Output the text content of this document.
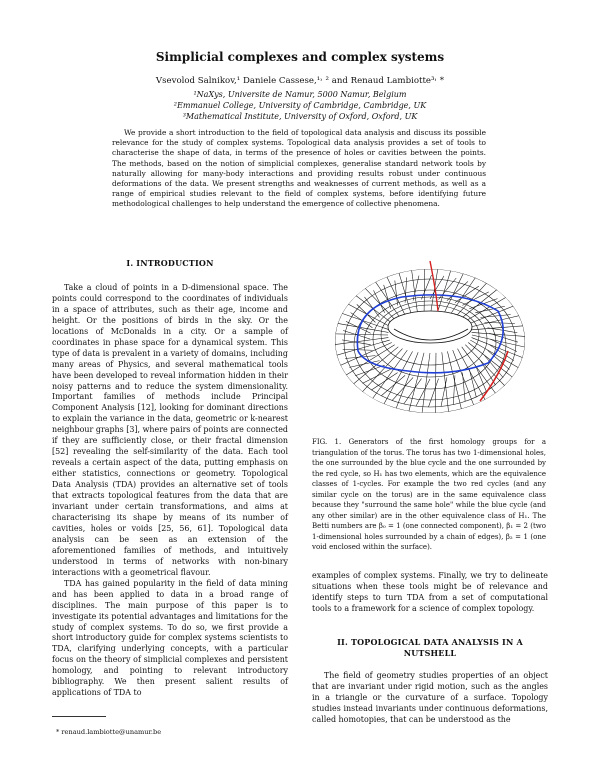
Simplicial complexes and complex systems
Vsevolod Salnikov,¹ Daniele Cassese,¹˒ ² and Renaud Lambiotte³˒ *
¹NaXys, Universite de Namur, 5000 Namur, Belgium
²Emmanuel College, University of Cambridge, Cambridge, UK
³Mathematical Institute, University of Oxford, Oxford, UK
We provide a short introduction to the field of topological data analysis and discuss its possible relevance for the study of complex systems. Topological data analysis provides a set of tools to characterise the shape of data, in terms of the presence of holes or cavities between the points. The methods, based on the notion of simplicial complexes, generalise standard network tools by naturally allowing for many-body interactions and providing results robust under continuous deformations of the data. We present strengths and weaknesses of current methods, as well as a range of empirical studies relevant to the field of complex systems, before identifying future methodological challenges to help understand the emergence of collective phenomena.
I. INTRODUCTION

Take a cloud of points in a D-dimensional space. The points could correspond to the coordinates of individuals in a space of attributes, such as their age, income and height. Or the positions of birds in the sky. Or the locations of McDonalds in a city. Or a sample of coordinates in phase space for a dynamical system. This type of data is prevalent in a variety of domains, including many areas of Physics, and several mathematical tools have been developed to reveal information hidden in their noisy patterns and to reduce the system dimensionality. Important families of methods include Principal Component Analysis [12], looking for dominant directions to explain the variance in the data, geometric or k-nearest neighbour graphs [3], where pairs of points are connected if they are sufficiently close, or their fractal dimension [52] revealing the self-similarity of the data. Each tool reveals a certain aspect of the data, putting emphasis on either statistics, connections or geometry. Topological Data Analysis (TDA) provides an alternative set of tools that extracts topological features from the data that are invariant under certain transformations, and aims at characterising its shape by means of its number of cavities, holes or voids [25, 56, 61]. Topological data analysis can be seen as an extension of the aforementioned families of methods, and intuitively understood in terms of networks with non-binary interactions with a geometrical flavour.

TDA has gained popularity in the field of data mining and has been applied to data in a broad range of disciplines. The main purpose of this paper is to investigate its potential advantages and limitations for the study of complex systems. To do so, we first provide a short introductory guide for complex systems scientists to TDA, clarifying underlying concepts, with a particular focus on the theory of simplicial complexes and persistent homology, and pointing to relevant introductory bibliography. We then present salient results of applications of TDA to

FIG. 1. Generators of the first homology groups for a triangulation of the torus. The torus has two 1-dimensional holes, the one surrounded by the blue cycle and the one surrounded by the red cycle, so H₁ has two elements, which are the equivalence classes of 1-cycles. For example the two red cycles (and any similar cycle on the torus) are in the same equivalence class because they "surround the same hole" while the blue cycle (and any other similar) are in the other equivalence class of H₁. The Betti numbers are β₀ = 1 (one connected component), β₁ = 2 (two 1-dimensional holes surrounded by a chain of edges), β₂ = 1 (one void enclosed within the surface).

examples of complex systems. Finally, we try to delineate situations when these tools might be of relevance and identify steps to turn TDA from a set of computational tools to a framework for a science of complex topology.

II. TOPOLOGICAL DATA ANALYSIS IN A NUTSHELL

The field of geometry studies properties of an object that are invariant under rigid motion, such as the angles in a triangle or the curvature of a surface. Topology studies instead invariants under continuous deformations, called homotopies, that can be understood as the

* renaud.lambiotte@unamur.be
